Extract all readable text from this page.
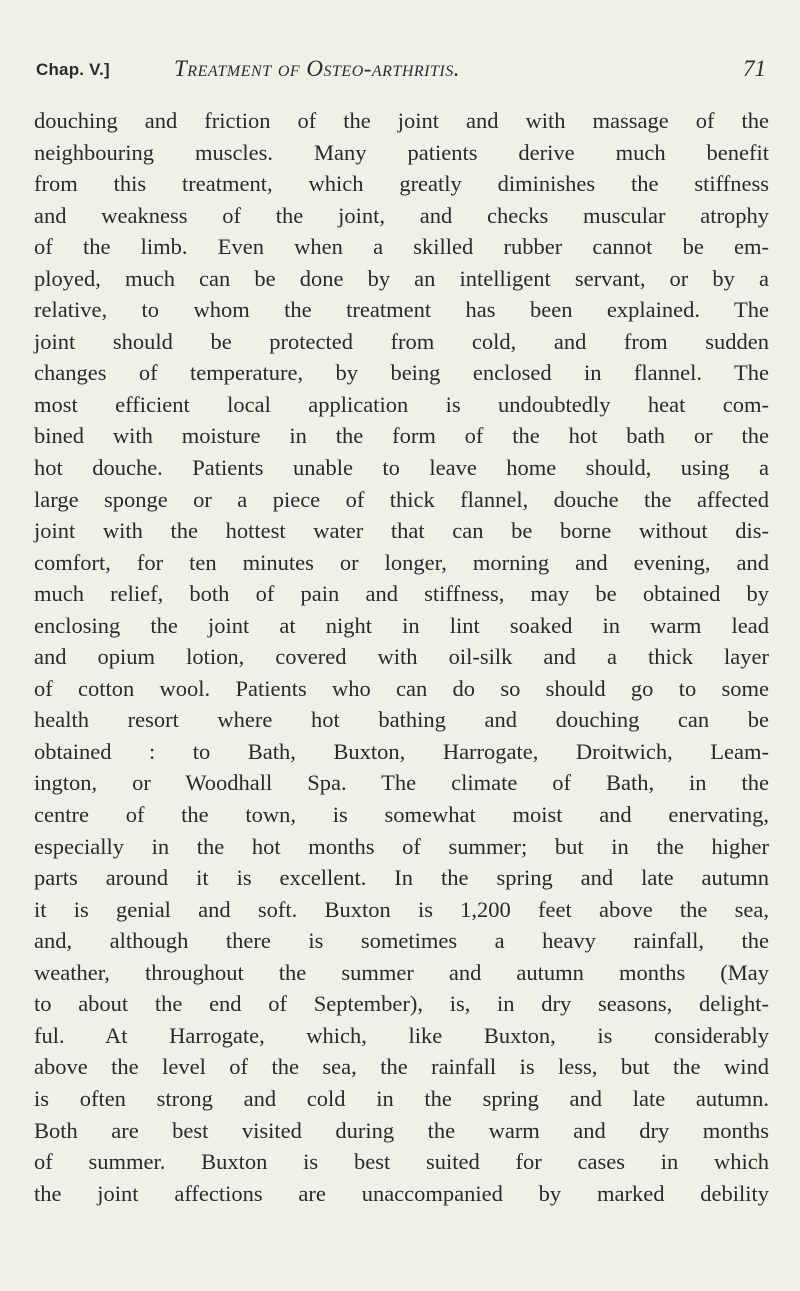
Chap. V.]	Treatment of Osteo-arthritis.	71
douching and friction of the joint and with massage of the
neighbouring muscles. Many patients derive much benefit
from this treatment, which greatly diminishes the stiffness
and weakness of the joint, and checks muscular atrophy
of the limb. Even when a skilled rubber cannot be em-
ployed, much can be done by an intelligent servant, or by a
relative, to whom the treatment has been explained. The
joint should be protected from cold, and from sudden
changes of temperature, by being enclosed in flannel. The
most efficient local application is undoubtedly heat com-
bined with moisture in the form of the hot bath or the
hot douche. Patients unable to leave home should, using a
large sponge or a piece of thick flannel, douche the affected
joint with the hottest water that can be borne without dis-
comfort, for ten minutes or longer, morning and evening, and
much relief, both of pain and stiffness, may be obtained by
enclosing the joint at night in lint soaked in warm lead
and opium lotion, covered with oil-silk and a thick layer
of cotton wool. Patients who can do so should go to some
health resort where hot bathing and douching can be
obtained : to Bath, Buxton, Harrogate, Droitwich, Leam-
ington, or Woodhall Spa. The climate of Bath, in the
centre of the town, is somewhat moist and enervating,
especially in the hot months of summer; but in the higher
parts around it is excellent. In the spring and late autumn
it is genial and soft. Buxton is 1,200 feet above the sea,
and, although there is sometimes a heavy rainfall, the
weather, throughout the summer and autumn months (May
to about the end of September), is, in dry seasons, delight-
ful. At Harrogate, which, like Buxton, is considerably
above the level of the sea, the rainfall is less, but the wind
is often strong and cold in the spring and late autumn.
Both are best visited during the warm and dry months
of summer. Buxton is best suited for cases in which
the joint affections are unaccompanied by marked debility
